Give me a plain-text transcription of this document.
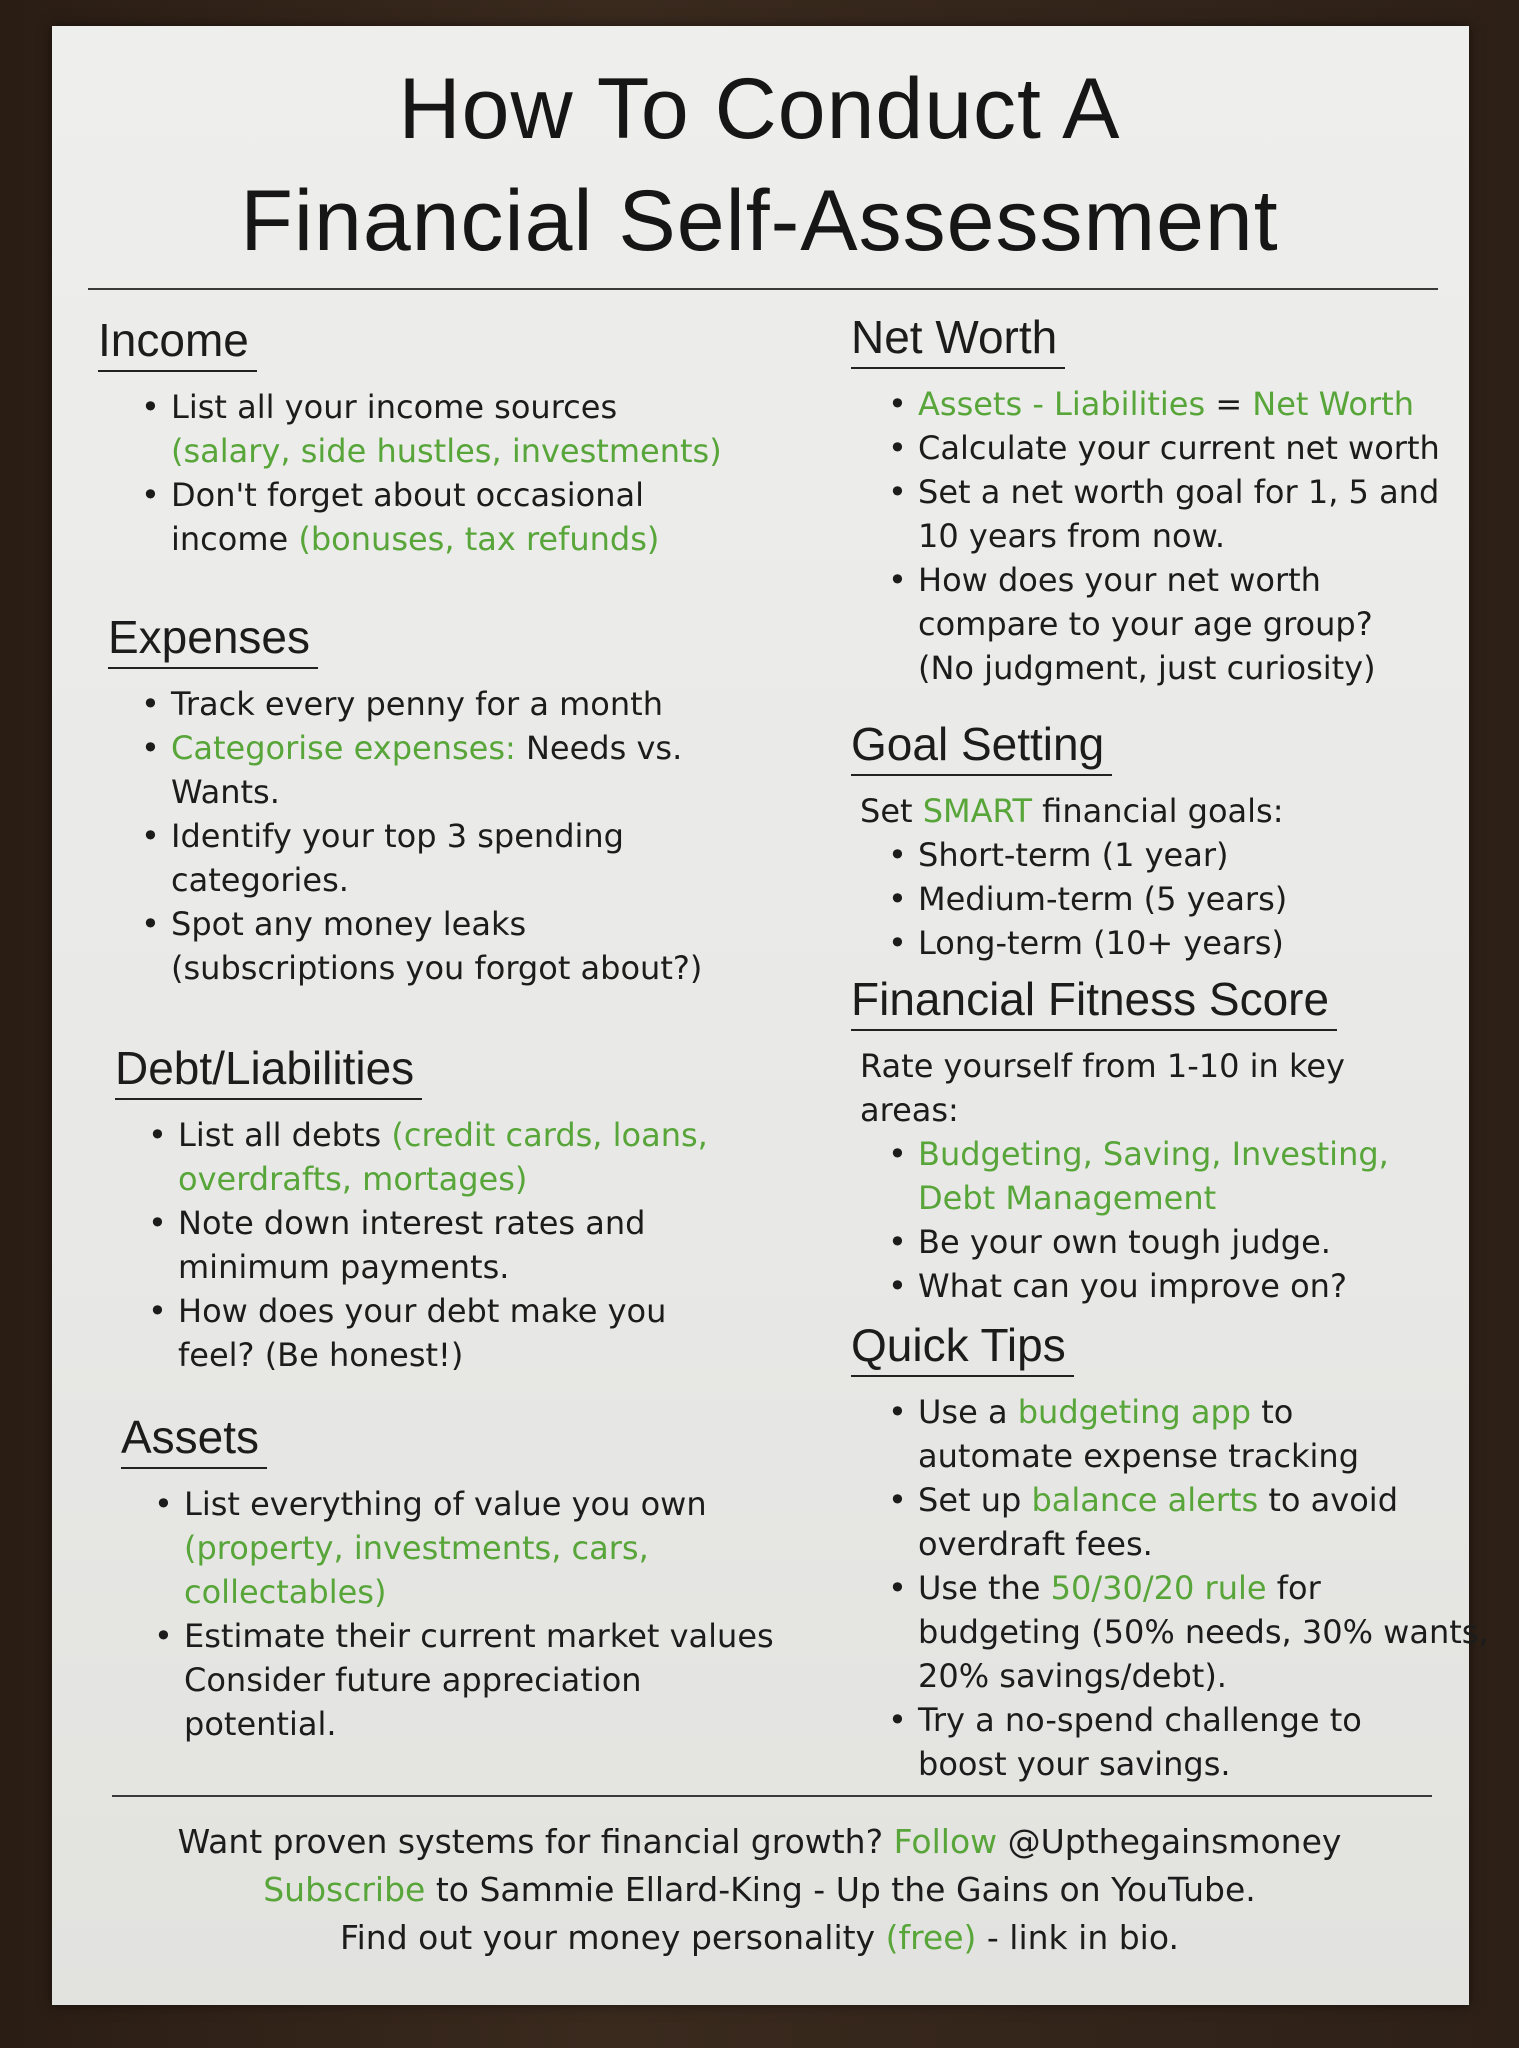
How To Conduct A
Financial Self-Assessment
Income
• List all your income sources
(salary, side hustles, investments)
• Don't forget about occasional
income (bonuses, tax refunds)
Expenses
• Track every penny for a month
• Categorise expenses: Needs vs.
Wants.
• Identify your top 3 spending
categories.
• Spot any money leaks
(subscriptions you forgot about?)
Debt/Liabilities
• List all debts (credit cards, loans,
overdrafts, mortages)
• Note down interest rates and
minimum payments.
• How does your debt make you
feel? (Be honest!)
Assets
• List everything of value you own
(property, investments, cars,
collectables)
• Estimate their current market values
Consider future appreciation
potential.
Net Worth
• Assets - Liabilities = Net Worth
• Calculate your current net worth
• Set a net worth goal for 1, 5 and
10 years from now.
• How does your net worth
compare to your age group?
(No judgment, just curiosity)
Goal Setting
Set SMART financial goals:
• Short-term (1 year)
• Medium-term (5 years)
• Long-term (10+ years)
Financial Fitness Score
Rate yourself from 1-10 in key
areas:
• Budgeting, Saving, Investing,
Debt Management
• Be your own tough judge.
• What can you improve on?
Quick Tips
• Use a budgeting app to
automate expense tracking
• Set up balance alerts to avoid
overdraft fees.
• Use the 50/30/20 rule for
budgeting (50% needs, 30% wants,
20% savings/debt).
• Try a no-spend challenge to
boost your savings.
Want proven systems for financial growth? Follow @Upthegainsmoney
Subscribe to Sammie Ellard-King - Up the Gains on YouTube.
Find out your money personality (free) - link in bio.
